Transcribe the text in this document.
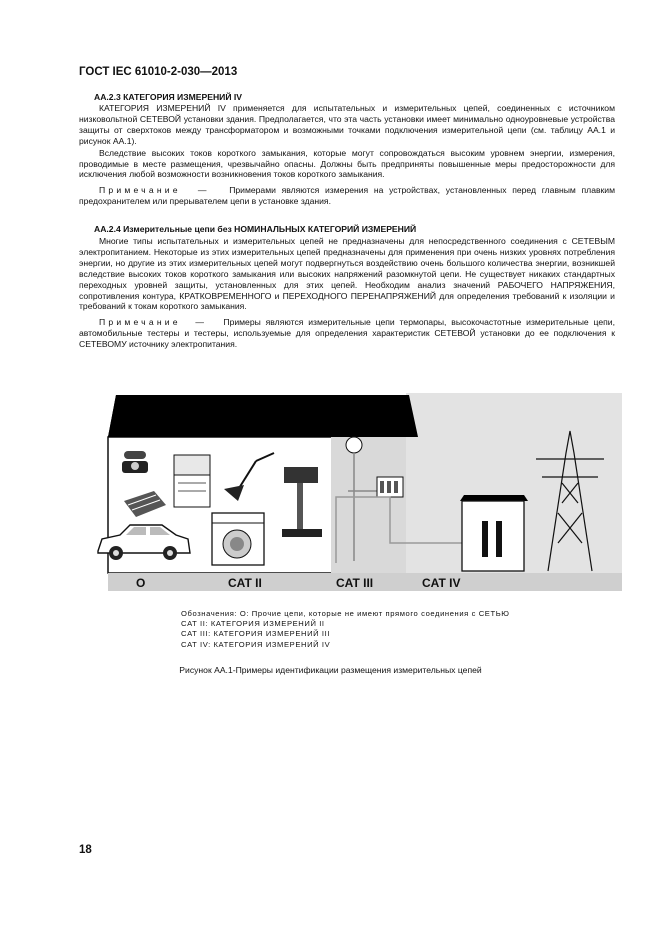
ГОСТ IEC 61010-2-030—2013
АА.2.3 КАТЕГОРИЯ ИЗМЕРЕНИЙ IV

КАТЕГОРИЯ ИЗМЕРЕНИЙ IV применяется для испытательных и измерительных цепей, соединенных с источником низковольтной СЕТЕВОЙ установки здания. Предполагается, что эта часть установки имеет минимально одноуровневые устройства защиты от сверхтоков между трансформатором и возможными точками подключения измерительной цепи (см. таблицу АА.1 и рисунок АА.1).

Вследствие высоких токов короткого замыкания, которые могут сопровождаться высоким уровнем энергии, измерения, проводимые в месте размещения, чрезвычайно опасны. Должны быть предприняты повышенные меры предосторожности для исключения любой возможности возникновения токов короткого замыкания.

Примечание —	Примерами являются измерения на устройствах, установленных перед главным плавким предохранителем или прерывателем цепи в установке здания.

АА.2.4 Измерительные цепи без НОМИНАЛЬНЫХ КАТЕГОРИЙ ИЗМЕРЕНИЙ

Многие типы испытательных и измерительных цепей не предназначены для непосредственного соединения с СЕТЕВЫМ электропитанием. Некоторые из этих измерительных цепей предназначены для применения при очень низких уровнях потребления энергии, но другие из этих измерительных цепей могут подвергнуться воздействию очень большого количества энергии, возникшей вследствие высоких токов короткого замыкания или высоких напряжений разомкнутой цепи. Не существует никаких стандартных переходных уровней защиты, установленных для этих цепей. Необходим анализ значений РАБОЧЕГО НАПРЯЖЕНИЯ, сопротивления контура, КРАТКОВРЕМЕННОГО и ПЕРЕХОДНОГО ПЕРЕНАПРЯЖЕНИЙ для определения требований к изоляции и требований к токам короткого замыкания.

Примечание — Примеры являются измерительные цепи термопары, высокочастотные измерительные цепи, автомобильные тестеры и тестеры, используемые для определения характеристик СЕТЕВОЙ установки до ее подключения к СЕТЕВОМУ источнику электропитания.

O	CAT II	CAT III	CAT IV
Обозначения: O: Прочие цепи, которые не имеют прямого соединения с СЕТЬЮ
CAT II: КАТЕГОРИЯ ИЗМЕРЕНИЙ II
CAT III: КАТЕГОРИЯ ИЗМЕРЕНИЙ III
CAT IV: КАТЕГОРИЯ ИЗМЕРЕНИЙ IV
Рисунок АА.1-Примеры идентификации размещения измерительных цепей
18
